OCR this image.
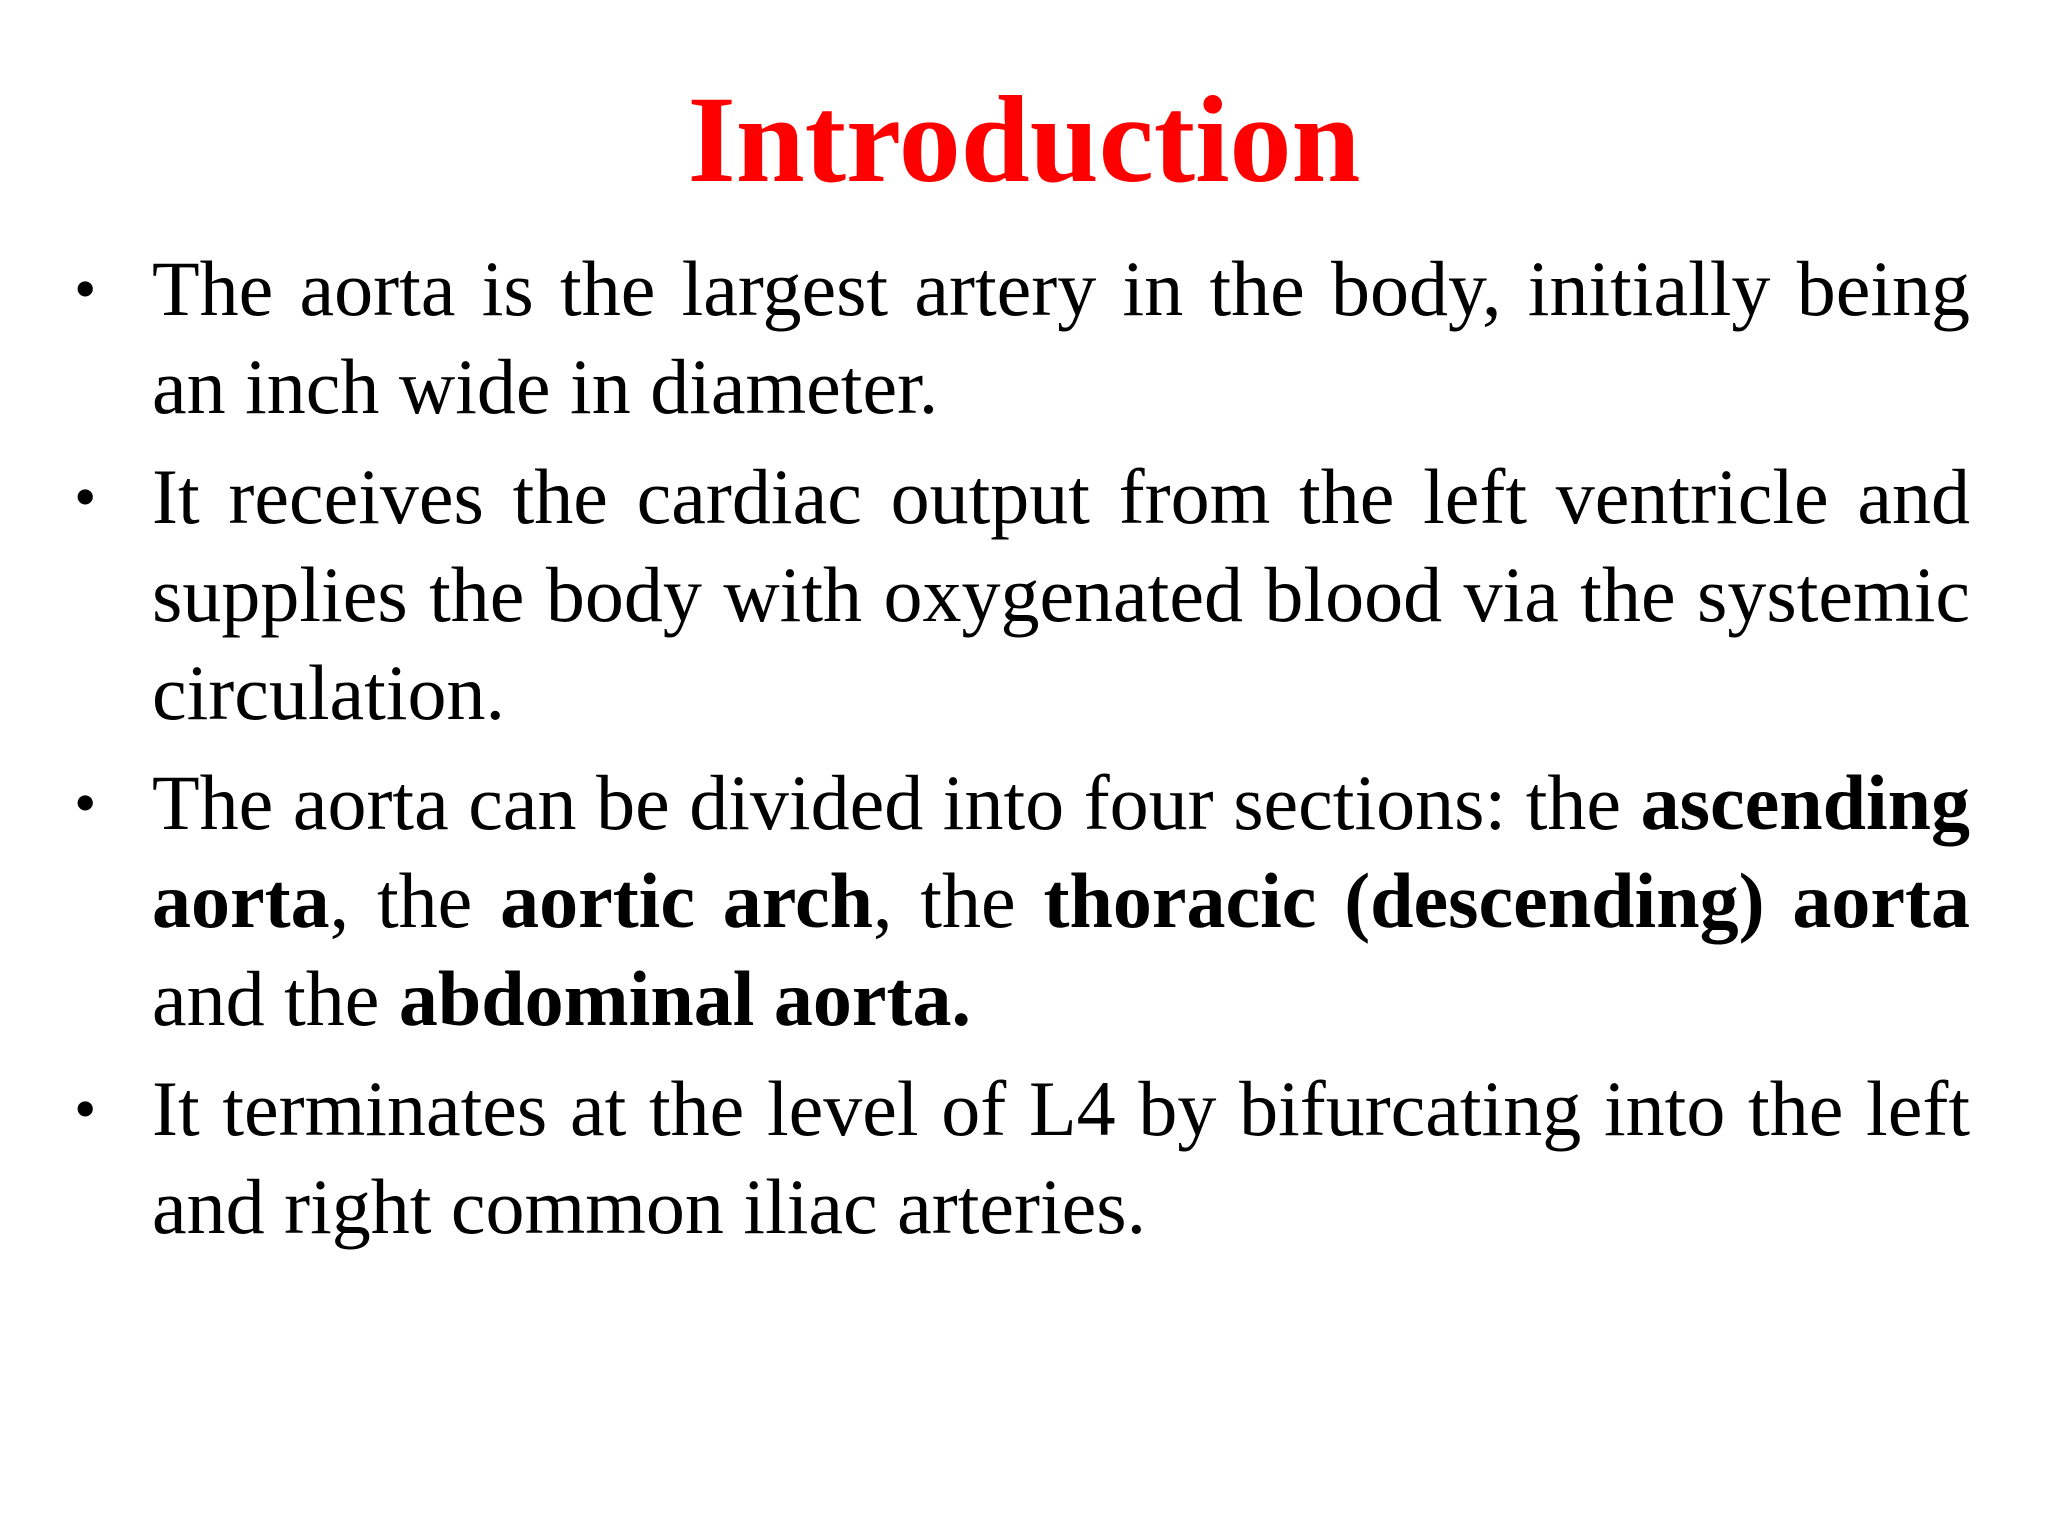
Introduction
• The aorta is the largest artery in the body, initially being an inch wide in diameter.
• It receives the cardiac output from the left ventricle and supplies the body with oxygenated blood via the systemic circulation.
• The aorta can be divided into four sections: the ascending aorta, the aortic arch, the thoracic (descending) aorta and the abdominal aorta.
• It terminates at the level of L4 by bifurcating into the left and right common iliac arteries.
